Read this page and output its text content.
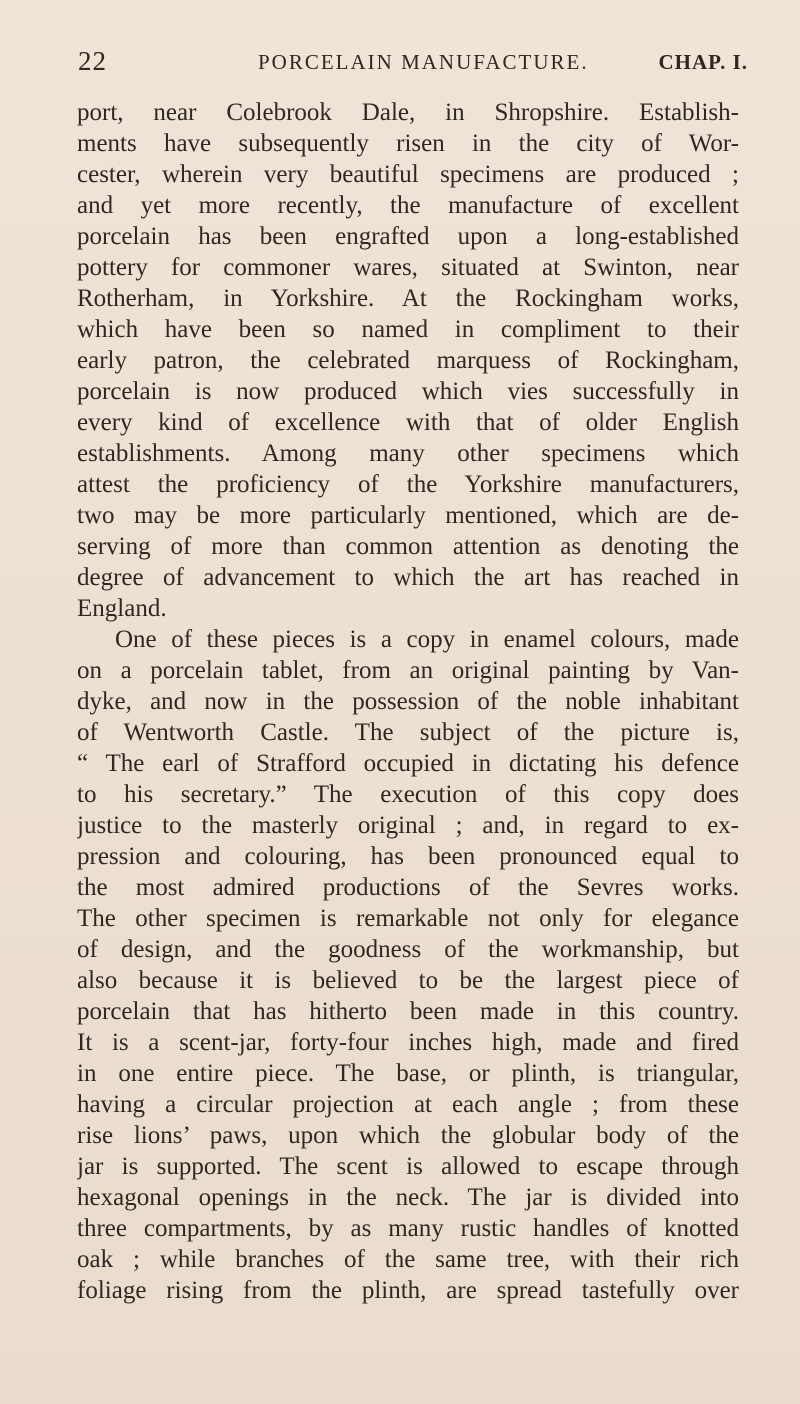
22	PORCELAIN MANUFACTURE.	CHAP. I.
port, near Colebrook Dale, in Shropshire. Establish-
ments have subsequently risen in the city of Wor-
cester, wherein very beautiful specimens are produced ;
and yet more recently, the manufacture of excellent
porcelain has been engrafted upon a long-established
pottery for commoner wares, situated at Swinton, near
Rotherham, in Yorkshire. At the Rockingham works,
which have been so named in compliment to their
early patron, the celebrated marquess of Rockingham,
porcelain is now produced which vies successfully in
every kind of excellence with that of older English
establishments. Among many other specimens which
attest the proficiency of the Yorkshire manufacturers,
two may be more particularly mentioned, which are de-
serving of more than common attention as denoting the
degree of advancement to which the art has reached in
England.
One of these pieces is a copy in enamel colours, made
on a porcelain tablet, from an original painting by Van-
dyke, and now in the possession of the noble inhabitant
of Wentworth Castle. The subject of the picture is,
“ The earl of Strafford occupied in dictating his defence
to his secretary.” The execution of this copy does
justice to the masterly original ; and, in regard to ex-
pression and colouring, has been pronounced equal to
the most admired productions of the Sevres works.
The other specimen is remarkable not only for elegance
of design, and the goodness of the workmanship, but
also because it is believed to be the largest piece of
porcelain that has hitherto been made in this country.
It is a scent-jar, forty-four inches high, made and fired
in one entire piece. The base, or plinth, is triangular,
having a circular projection at each angle ; from these
rise lions’ paws, upon which the globular body of the
jar is supported. The scent is allowed to escape through
hexagonal openings in the neck. The jar is divided into
three compartments, by as many rustic handles of knotted
oak ; while branches of the same tree, with their rich
foliage rising from the plinth, are spread tastefully over
